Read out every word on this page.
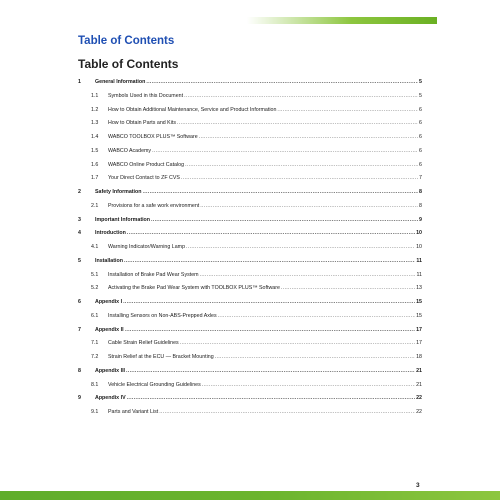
Table of Contents
Table of Contents
1	General Information .....	5
1.1 Symbols Used in this Document .....	5
1.2 How to Obtain Additional Maintenance, Service and Product Information .....	6
1.3 How to Obtain Parts and Kits .....	6
1.4 WABCO TOOLBOX PLUS™ Software .....	6
1.5 WABCO Academy .....	6
1.6 WABCO Online Product Catalog .....	6
1.7 Your Direct Contact to ZF CVS .....	7
2	Safety Information .....	8
2.1 Provisions for a safe work environment .....	8
3	Important Information .....	9
4	Introduction .....	10
4.1 Warning Indicator/Warning Lamp .....	10
5	Installation .....	11
5.1 Installation of Brake Pad Wear System .....	11
5.2 Activating the Brake Pad Wear System with TOOLBOX PLUS™ Software .....	13
6	Appendix I .....	15
6.1 Installing Sensors on Non-ABS-Prepped Axles .....	15
7	Appendix II .....	17
7.1 Cable Strain Relief Guidelines .....	17
7.2 Strain Relief at the ECU — Bracket Mounting .....	18
8	Appendix III .....	21
8.1 Vehicle Electrical Grounding Guidelines .....	21
9	Appendix IV .....	22
9.1 Parts and Variant List .....	22
3
